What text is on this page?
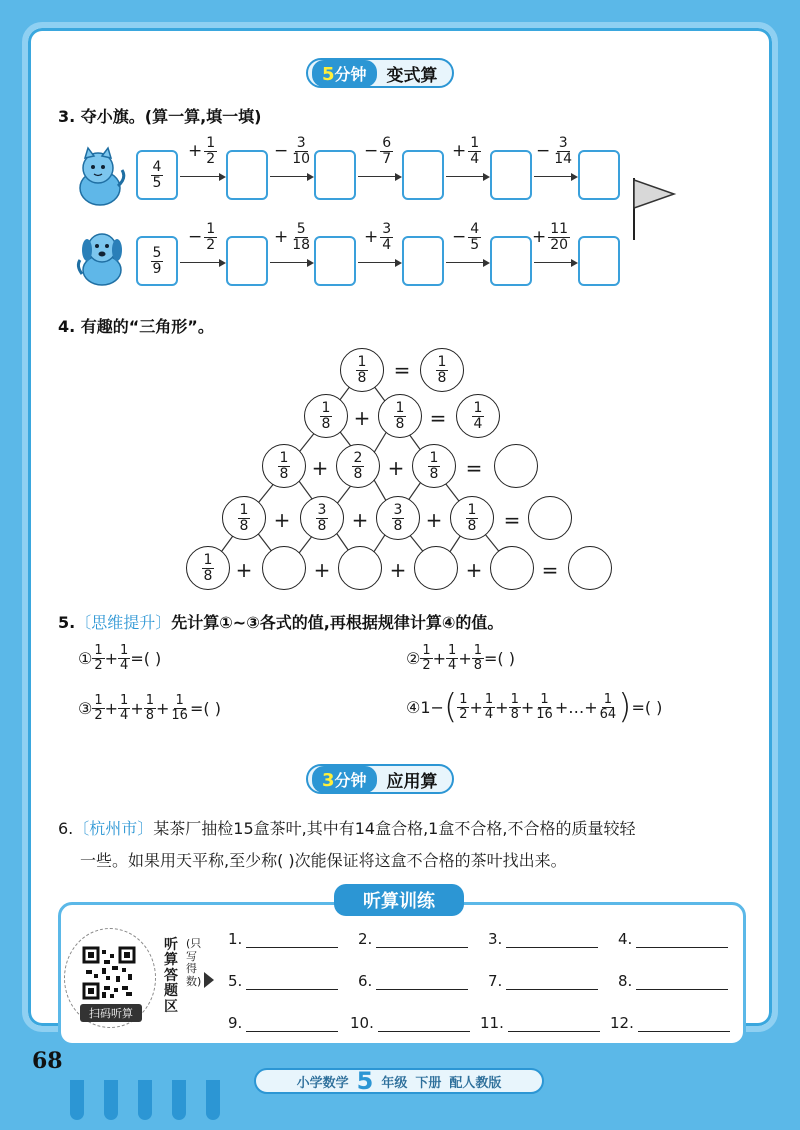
5分钟	变式算
3. 夺小旗。(算一算,填一填)
$\frac{4}{5}$
+ $\frac{1}{2}$	− $\frac{3}{10}$	− $\frac{6}{7}$	+ $\frac{1}{4}$	− $\frac{3}{14}$
$\frac{5}{9}$
− $\frac{1}{2}$	+ $\frac{5}{18}$	+ $\frac{3}{4}$	− $\frac{4}{5}$	+ $\frac{11}{20}$
4. 有趣的“三角形”。
$\frac{1}{8} = \frac{1}{8}$
$\frac{1}{8} + \frac{1}{8} = \frac{1}{4}$
$\frac{1}{8} + \frac{2}{8} + \frac{1}{8}$ =
$\frac{1}{8} + \frac{3}{8} + \frac{3}{8} + \frac{1}{8}$ =
$\frac{1}{8}$ +	+	+	+	=
5.〔思维提升〕先计算①~③各式的值,再根据规律计算④的值。
① $\frac{1}{2} + \frac{1}{4}$ =( )	② $\frac{1}{2} + \frac{1}{4} + \frac{1}{8}$ =( )
③ $\frac{1}{2} + \frac{1}{4} + \frac{1}{8} + \frac{1}{16}$ =( )	④1− ( $\frac{1}{2} + \frac{1}{4} + \frac{1}{8} + \frac{1}{16}$ +…+ $\frac{1}{64}$ ) =( )
3分钟	应用算
6.〔杭州市〕某茶厂抽检15盒茶叶,其中有14盒合格,1盒不合格,不合格的质量较轻
一些。如果用天平称,至少称( )次能保证将这盒不合格的茶叶找出来。
听算训练
扫码听算
听算答题区
(只写得数)
1.	2.	3.	4.
5.	6.	7.	8.
9.	10.	11.	12.
68
小学数学 5 年级 下册 配人教版
